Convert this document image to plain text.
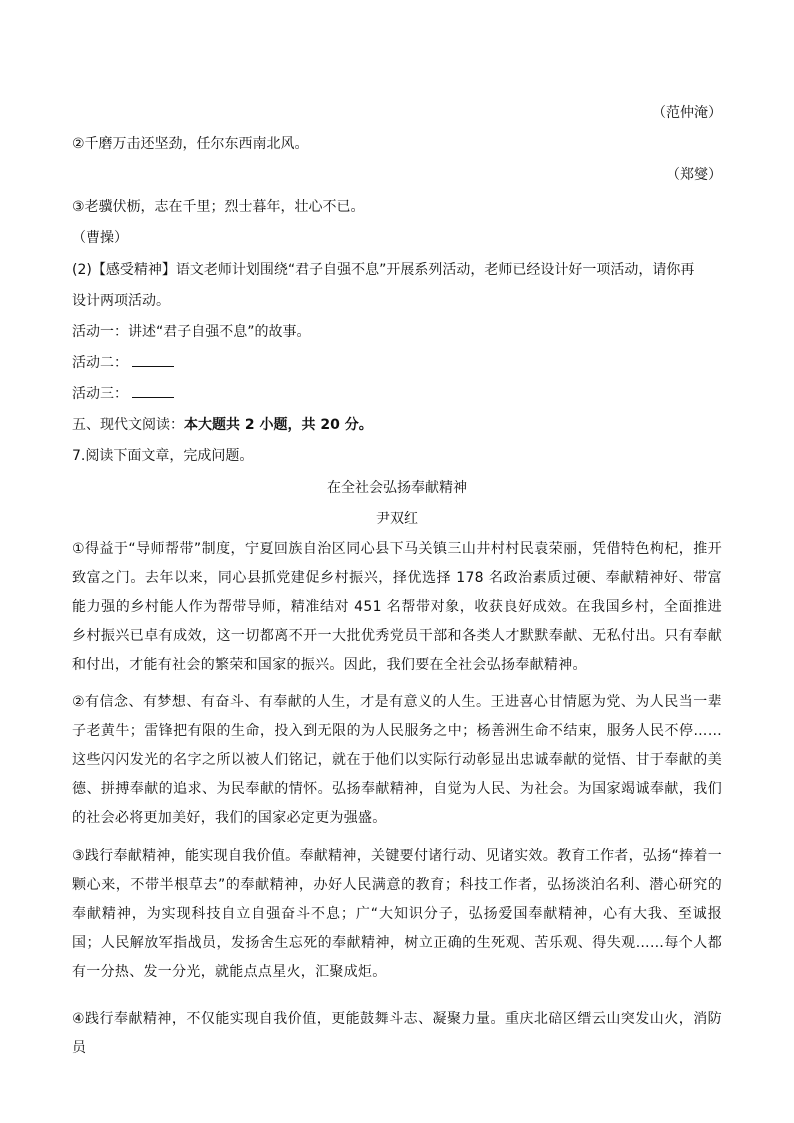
（范仲淹）
②千磨万击还坚劲，任尔东西南北风。
（郑燮）
③老骥伏枥，志在千里；烈士暮年，壮心不已。
（曹操）
(2)【感受精神】语文老师计划围绕“君子自强不息”开展系列活动，老师已经设计好一项活动，请你再
设计两项活动。
活动一：讲述“君子自强不息”的故事。
活动二：
活动三：
五、现代文阅读：本大题共 2 小题，共 20 分。
7.阅读下面文章，完成问题。
在全社会弘扬奉献精神
尹双红
①得益于“导师帮带”制度，宁夏回族自治区同心县下马关镇三山井村村民袁荣丽，凭借特色枸杞，推开致富之门。去年以来，同心县抓党建促乡村振兴，择优选择 178 名政治素质过硬、奉献精神好、带富能力强的乡村能人作为帮带导师，精准结对 451 名帮带对象，收获良好成效。在我国乡村，全面推进乡村振兴已卓有成效，这一切都离不开一大批优秀党员干部和各类人才默默奉献、无私付出。只有奉献和付出，才能有社会的繁荣和国家的振兴。因此，我们要在全社会弘扬奉献精神。
②有信念、有梦想、有奋斗、有奉献的人生，才是有意义的人生。王进喜心甘情愿为党、为人民当一辈子老黄牛；雷锋把有限的生命，投入到无限的为人民服务之中；杨善洲生命不结束，服务人民不停……这些闪闪发光的名字之所以被人们铭记，就在于他们以实际行动彰显出忠诚奉献的觉悟、甘于奉献的美德、拼搏奉献的追求、为民奉献的情怀。弘扬奉献精神，自觉为人民、为社会。为国家竭诚奉献，我们的社会必将更加美好，我们的国家必定更为强盛。
③践行奉献精神，能实现自我价值。奉献精神，关键要付诸行动、见诸实效。教育工作者，弘扬“捧着一颗心来，不带半根草去”的奉献精神，办好人民满意的教育；科技工作者，弘扬淡泊名利、潜心研究的奉献精神，为实现科技自立自强奋斗不息；广“大知识分子，弘扬爱国奉献精神，心有大我、至诚报国；人民解放军指战员，发扬舍生忘死的奉献精神，树立正确的生死观、苦乐观、得失观……每个人都有一分热、发一分光，就能点点星火，汇聚成炬。
④践行奉献精神，不仅能实现自我价值，更能鼓舞斗志、凝聚力量。重庆北碚区缙云山突发山火，消防员
